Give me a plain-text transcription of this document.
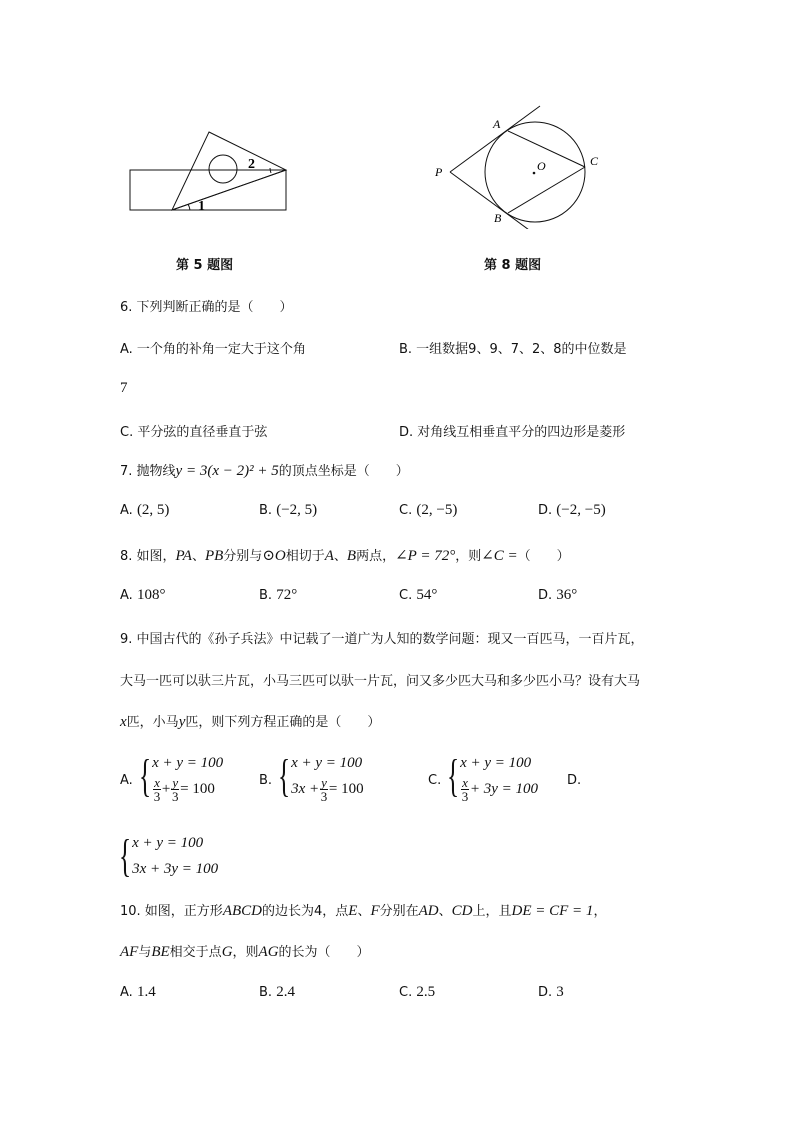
1
2
第 5 题图
A
B
C
O
P
第 8 题图
6. 下列判断正确的是（　　）
A. 一个角的补角一定大于这个角	B. 一组数据9、9、7、2、8的中位数是
7
C. 平分弦的直径垂直于弦	D. 对角线互相垂直平分的四边形是菱形
7. 抛物线y = 3(x − 2)² + 5的顶点坐标是（　　）
A. (2, 5)	B. (−2, 5)	C. (2, −5)	D. (−2, −5)
8. 如图，PA、PB分别与⊙O相切于A、B两点，∠P = 72°，则∠C =（　　）
A. 108°	B. 72°	C. 54°	D. 36°
9. 中国古代的《孙子兵法》中记载了一道广为人知的数学问题：现又一百匹马，一百片瓦，
大马一匹可以驮三片瓦，小马三匹可以驮一片瓦，问又多少匹大马和多少匹小马？设有大马
x匹，小马y匹，则下列方程正确的是（　　）
A. { x + y = 100
$\frac{x}{3} + \frac{y}{3} = 100$	B. { x + y = 100
$3x + \frac{y}{3} = 100$	C. { x + y = 100
$\frac{x}{3} + 3y = 100$ D.
{ x + y = 100
3x + 3y = 100
10. 如图，正方形ABCD的边长为4，点E、F分别在AD、CD上，且DE = CF = 1，
AF与BE相交于点G，则AG的长为（　　）
A. 1.4	B. 2.4	C. 2.5	D. 3
